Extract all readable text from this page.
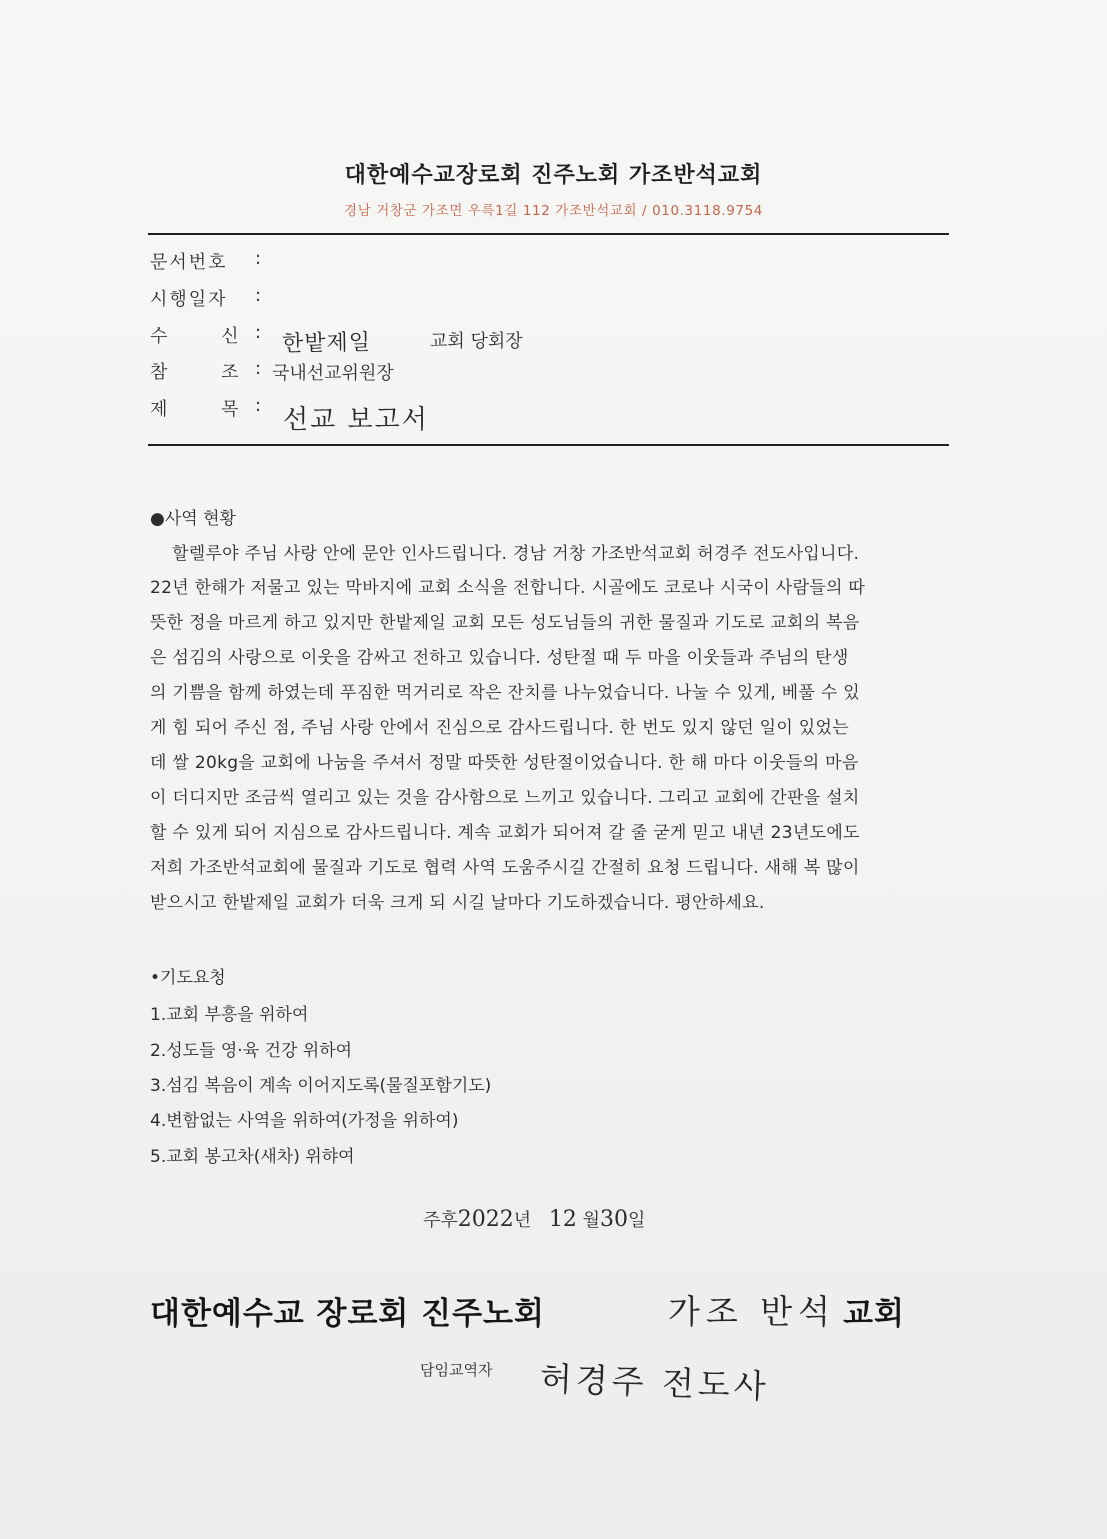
대한예수교장로회 진주노회 가조반석교회
경남 거창군 가조면 우륵1길 112 가조반석교회 / 010.3118.9754
문서번호 :
시행일자 :
수 신 : 한밭제일	교회 당회장
참 조 : 국내선교위원장
제 목 : 선교 보고서
●사역 현황
할렐루야 주님 사랑 안에 문안 인사드립니다. 경남 거창 가조반석교회 허경주 전도사입니다.
22년 한해가 저물고 있는 막바지에 교회 소식을 전합니다. 시골에도 코로나 시국이 사람들의 따
뜻한 정을 마르게 하고 있지만 한밭제일 교회 모든 성도님들의 귀한 물질과 기도로 교회의 복음
은 섬김의 사랑으로 이웃을 감싸고 전하고 있습니다. 성탄절 때 두 마을 이웃들과 주님의 탄생
의 기쁨을 함께 하였는데 푸짐한 먹거리로 작은 잔치를 나누었습니다. 나눌 수 있게, 베풀 수 있
게 힘 되어 주신 점, 주님 사랑 안에서 진심으로 감사드립니다. 한 번도 있지 않던 일이 있었는
데 쌀 20kg을 교회에 나눔을 주셔서 정말 따뜻한 성탄절이었습니다. 한 해 마다 이웃들의 마음
이 더디지만 조금씩 열리고 있는 것을 감사함으로 느끼고 있습니다. 그리고 교회에 간판을 설치
할 수 있게 되어 지심으로 감사드립니다. 계속 교회가 되어져 갈 줄 굳게 믿고 내년 23년도에도
저희 가조반석교회에 물질과 기도로 협력 사역 도움주시길 간절히 요청 드립니다. 새해 복 많이
받으시고 한밭제일 교회가 더욱 크게 되 시길 날마다 기도하겠습니다. 평안하세요.
•기도요청
1.교회 부흥을 위하여
2.성도들 영·육 건강 위하여
3.섬김 복음이 계속 이어지도록(물질포함기도)
4.변함없는 사역을 위하여(가정을 위하여)
5.교회 봉고차(새차) 위햐여
주후2022년 12 월30일
대한예수교 장로회 진주노회	가조 반석 교회
담임교역자 허경주 전도사
